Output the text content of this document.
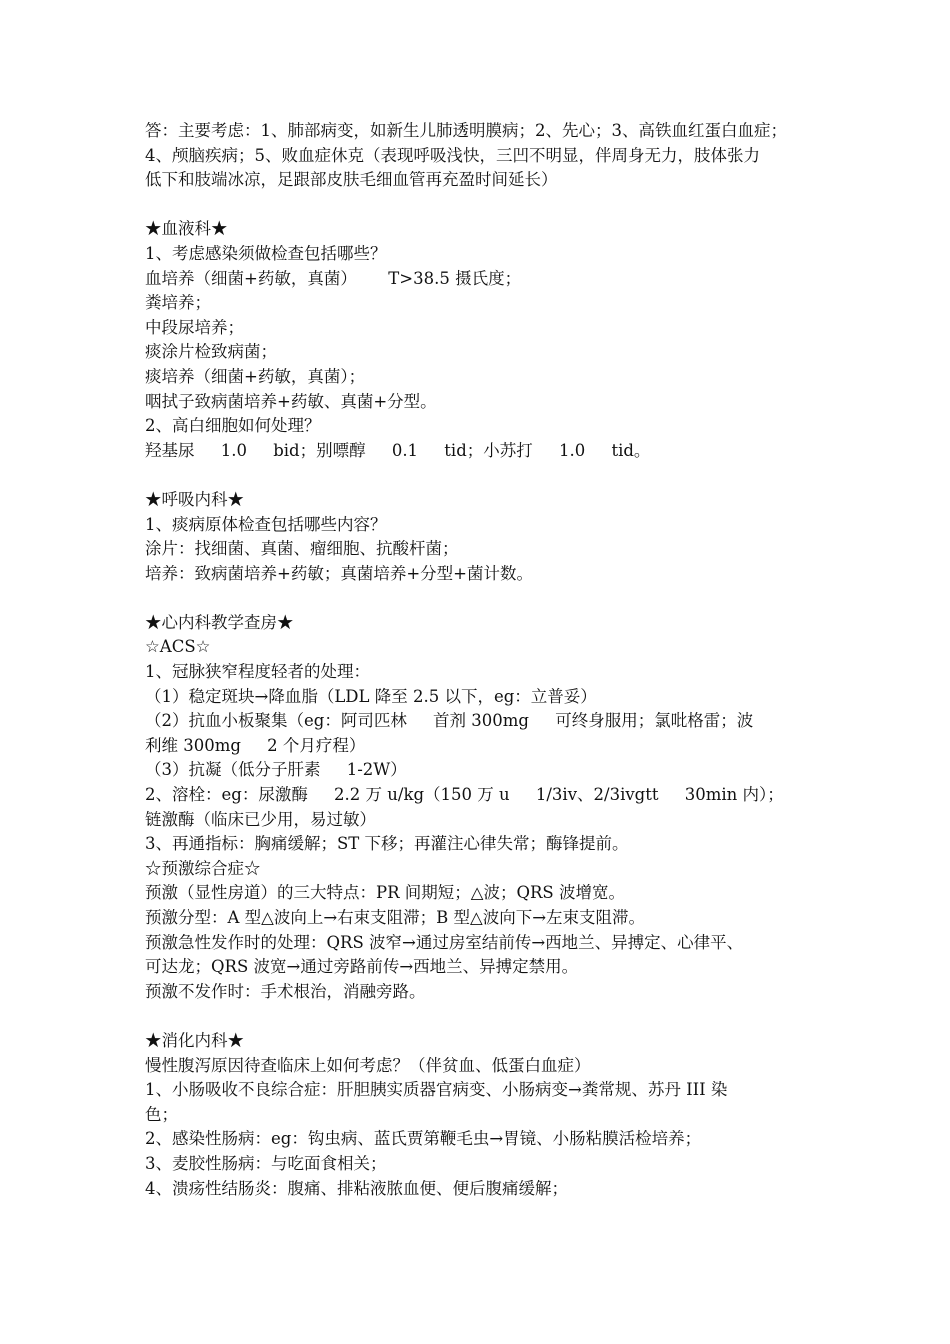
答：主要考虑：1、肺部病变，如新生儿肺透明膜病；2、先心；3、高铁血红蛋白血症；
4、颅脑疾病；5、败血症休克（表现呼吸浅快，三凹不明显，伴周身无力，肢体张力
低下和肢端冰凉，足跟部皮肤毛细血管再充盈时间延长）
★血液科★
1、考虑感染须做检查包括哪些？
血培养（细菌+药敏，真菌）      T>38.5 摄氏度；
粪培养；
中段尿培养；
痰涂片检致病菌；
痰培养（细菌+药敏，真菌）；
咽拭子致病菌培养+药敏、真菌+分型。
2、高白细胞如何处理？
羟基尿     1.0     bid；别嘌醇     0.1     tid；小苏打     1.0     tid。
★呼吸内科★
1、痰病原体检查包括哪些内容？
涂片：找细菌、真菌、瘤细胞、抗酸杆菌；
培养：致病菌培养+药敏；真菌培养+分型+菌计数。
★心内科教学查房★
☆ACS☆
1、冠脉狭窄程度轻者的处理：
（1）稳定斑块→降血脂（LDL 降至 2.5 以下，eg：立普妥）
（2）抗血小板聚集（eg：阿司匹林     首剂 300mg     可终身服用；氯吡格雷；波
利维 300mg     2 个月疗程）
（3）抗凝（低分子肝素     1-2W）
2、溶栓：eg：尿激酶     2.2 万 u/kg（150 万 u     1/3iv、2/3ivgtt     30min 内）；
链激酶（临床已少用，易过敏）
3、再通指标：胸痛缓解；ST 下移；再灌注心律失常；酶锋提前。
☆预激综合症☆
预激（显性房道）的三大特点：PR 间期短；△波；QRS 波增宽。
预激分型：A 型△波向上→右束支阻滞；B 型△波向下→左束支阻滞。
预激急性发作时的处理：QRS 波窄→通过房室结前传→西地兰、异搏定、心律平、
可达龙；QRS 波宽→通过旁路前传→西地兰、异搏定禁用。
预激不发作时：手术根治，消融旁路。
★消化内科★
慢性腹泻原因待查临床上如何考虑？（伴贫血、低蛋白血症）
1、小肠吸收不良综合症：肝胆胰实质器官病变、小肠病变→粪常规、苏丹 III 染
色；
2、感染性肠病：eg：钩虫病、蓝氏贾第鞭毛虫→胃镜、小肠粘膜活检培养；
3、麦胶性肠病：与吃面食相关；
4、溃疡性结肠炎：腹痛、排粘液脓血便、便后腹痛缓解；
